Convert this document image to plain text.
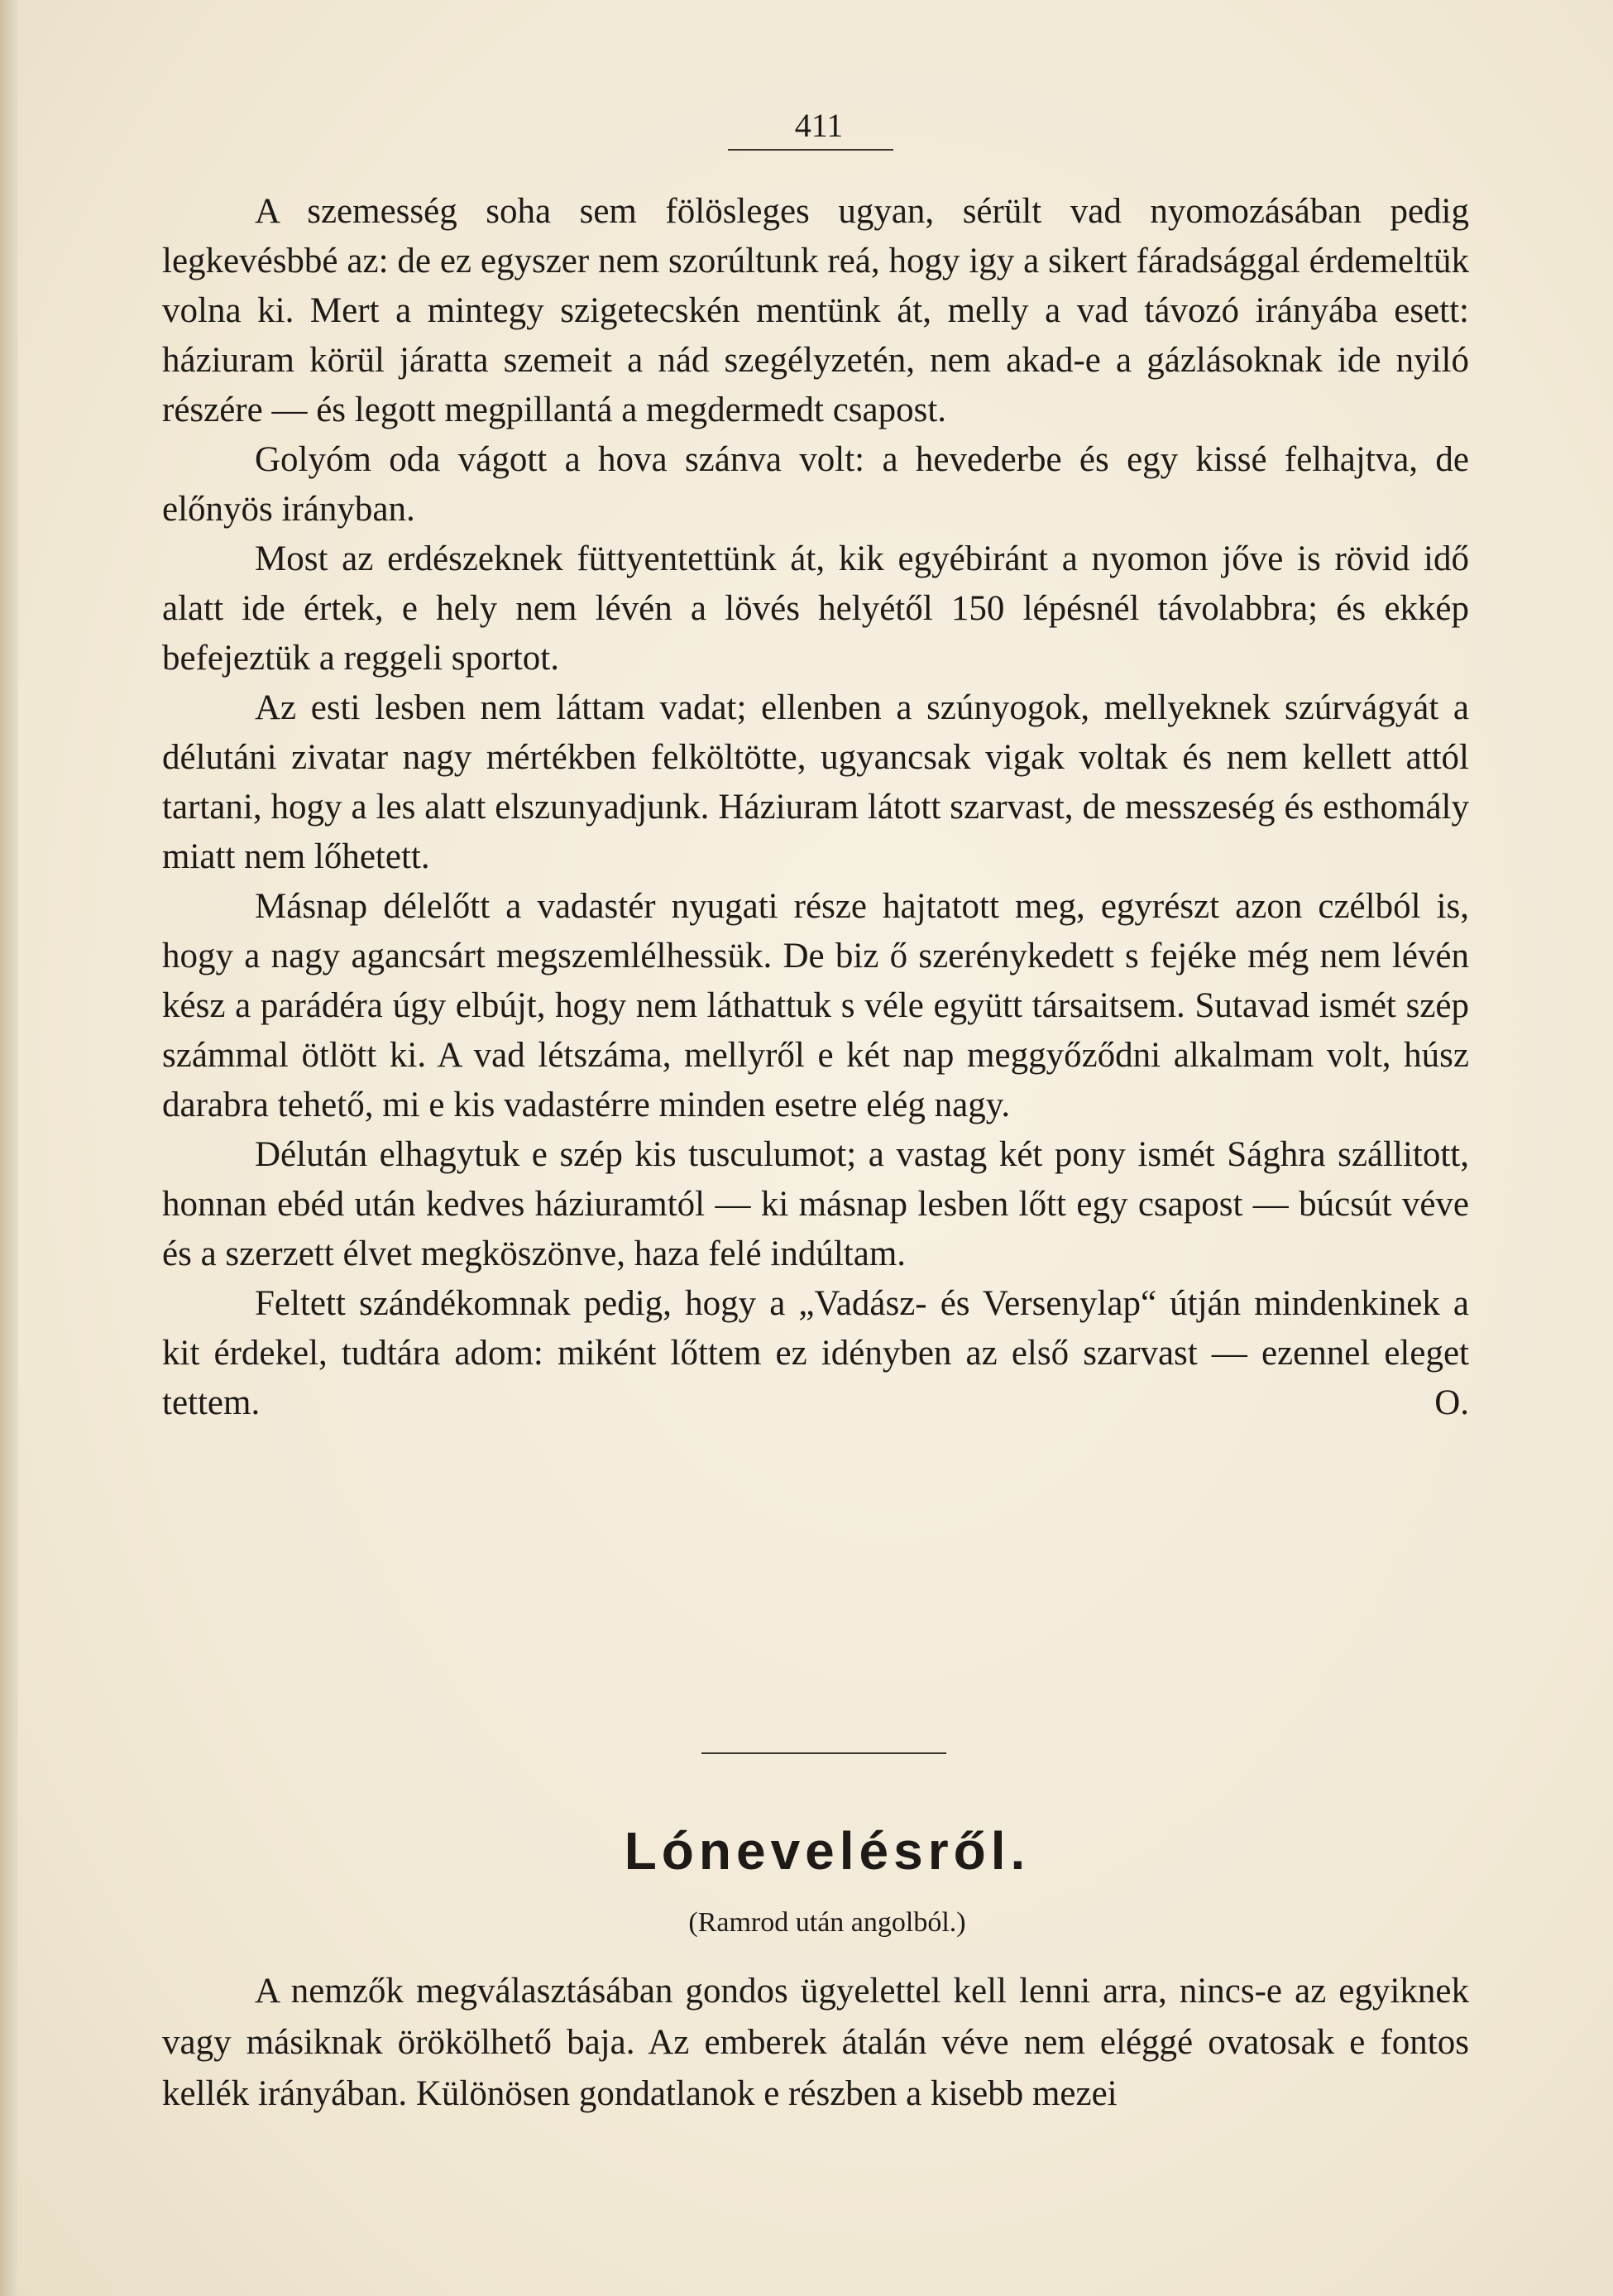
411

A szemesség soha sem fölösleges ugyan, sérült vad nyomozásában pedig legkevésbbé az: de ez egyszer nem szorúltunk reá, hogy igy a sikert fáradsággal érdemeltük volna ki. Mert a mintegy szigetecskén mentünk át, melly a vad távozó irányába esett: háziuram körül járatta szemeit a nád szegélyzetén, nem akad-e a gázlásoknak ide nyiló részére — és legott megpillantá a megdermedt csapost.

Golyóm oda vágott a hova szánva volt: a hevederbe és egy kissé felhajtva, de előnyös irányban.

Most az erdészeknek füttyentettünk át, kik egyébiránt a nyomon jőve is rövid idő alatt ide értek, e hely nem lévén a lövés helyétől 150 lépésnél távolabbra; és ekkép befejeztük a reggeli sportot.

Az esti lesben nem láttam vadat; ellenben a szúnyogok, mellyeknek szúrvágyát a délutáni zivatar nagy mértékben felköltötte, ugyancsak vigak voltak és nem kellett attól tartani, hogy a les alatt elszunyadjunk. Háziuram látott szarvast, de messzeség és esthomály miatt nem lőhetett.

Másnap délelőtt a vadastér nyugati része hajtatott meg, egyrészt azon czélból is, hogy a nagy agancsárt megszemlélhessük. De biz ő szerénykedett s fejéke még nem lévén kész a parádéra úgy elbújt, hogy nem láthattuk s véle együtt társaitsem. Sutavad ismét szép számmal ötlött ki. A vad létszáma, mellyről e két nap meggyőződni alkalmam volt, húsz darabra tehető, mi e kis vadastérre minden esetre elég nagy.

Délután elhagytuk e szép kis tusculumot; a vastag két pony ismét Sághra szállitott, honnan ebéd után kedves háziuramtól — ki másnap lesben lőtt egy csapost — búcsút véve és a szerzett élvet megköszönve, haza felé indúltam.

Feltett szándékomnak pedig, hogy a „Vadász- és Versenylap“ útján mindenkinek a kit érdekel, tudtára adom: miként lőttem ez idényben az első szarvast — ezennel eleget tettem.	O.

Lónevelésről.
(Ramrod után angolból.)

A nemzők megválasztásában gondos ügyelettel kell lenni arra, nincs-e az egyiknek vagy másiknak örökölhető baja. Az emberek átalán véve nem eléggé ovatosak e fontos kellék irányában. Különösen gondatlanok e részben a kisebb mezei
